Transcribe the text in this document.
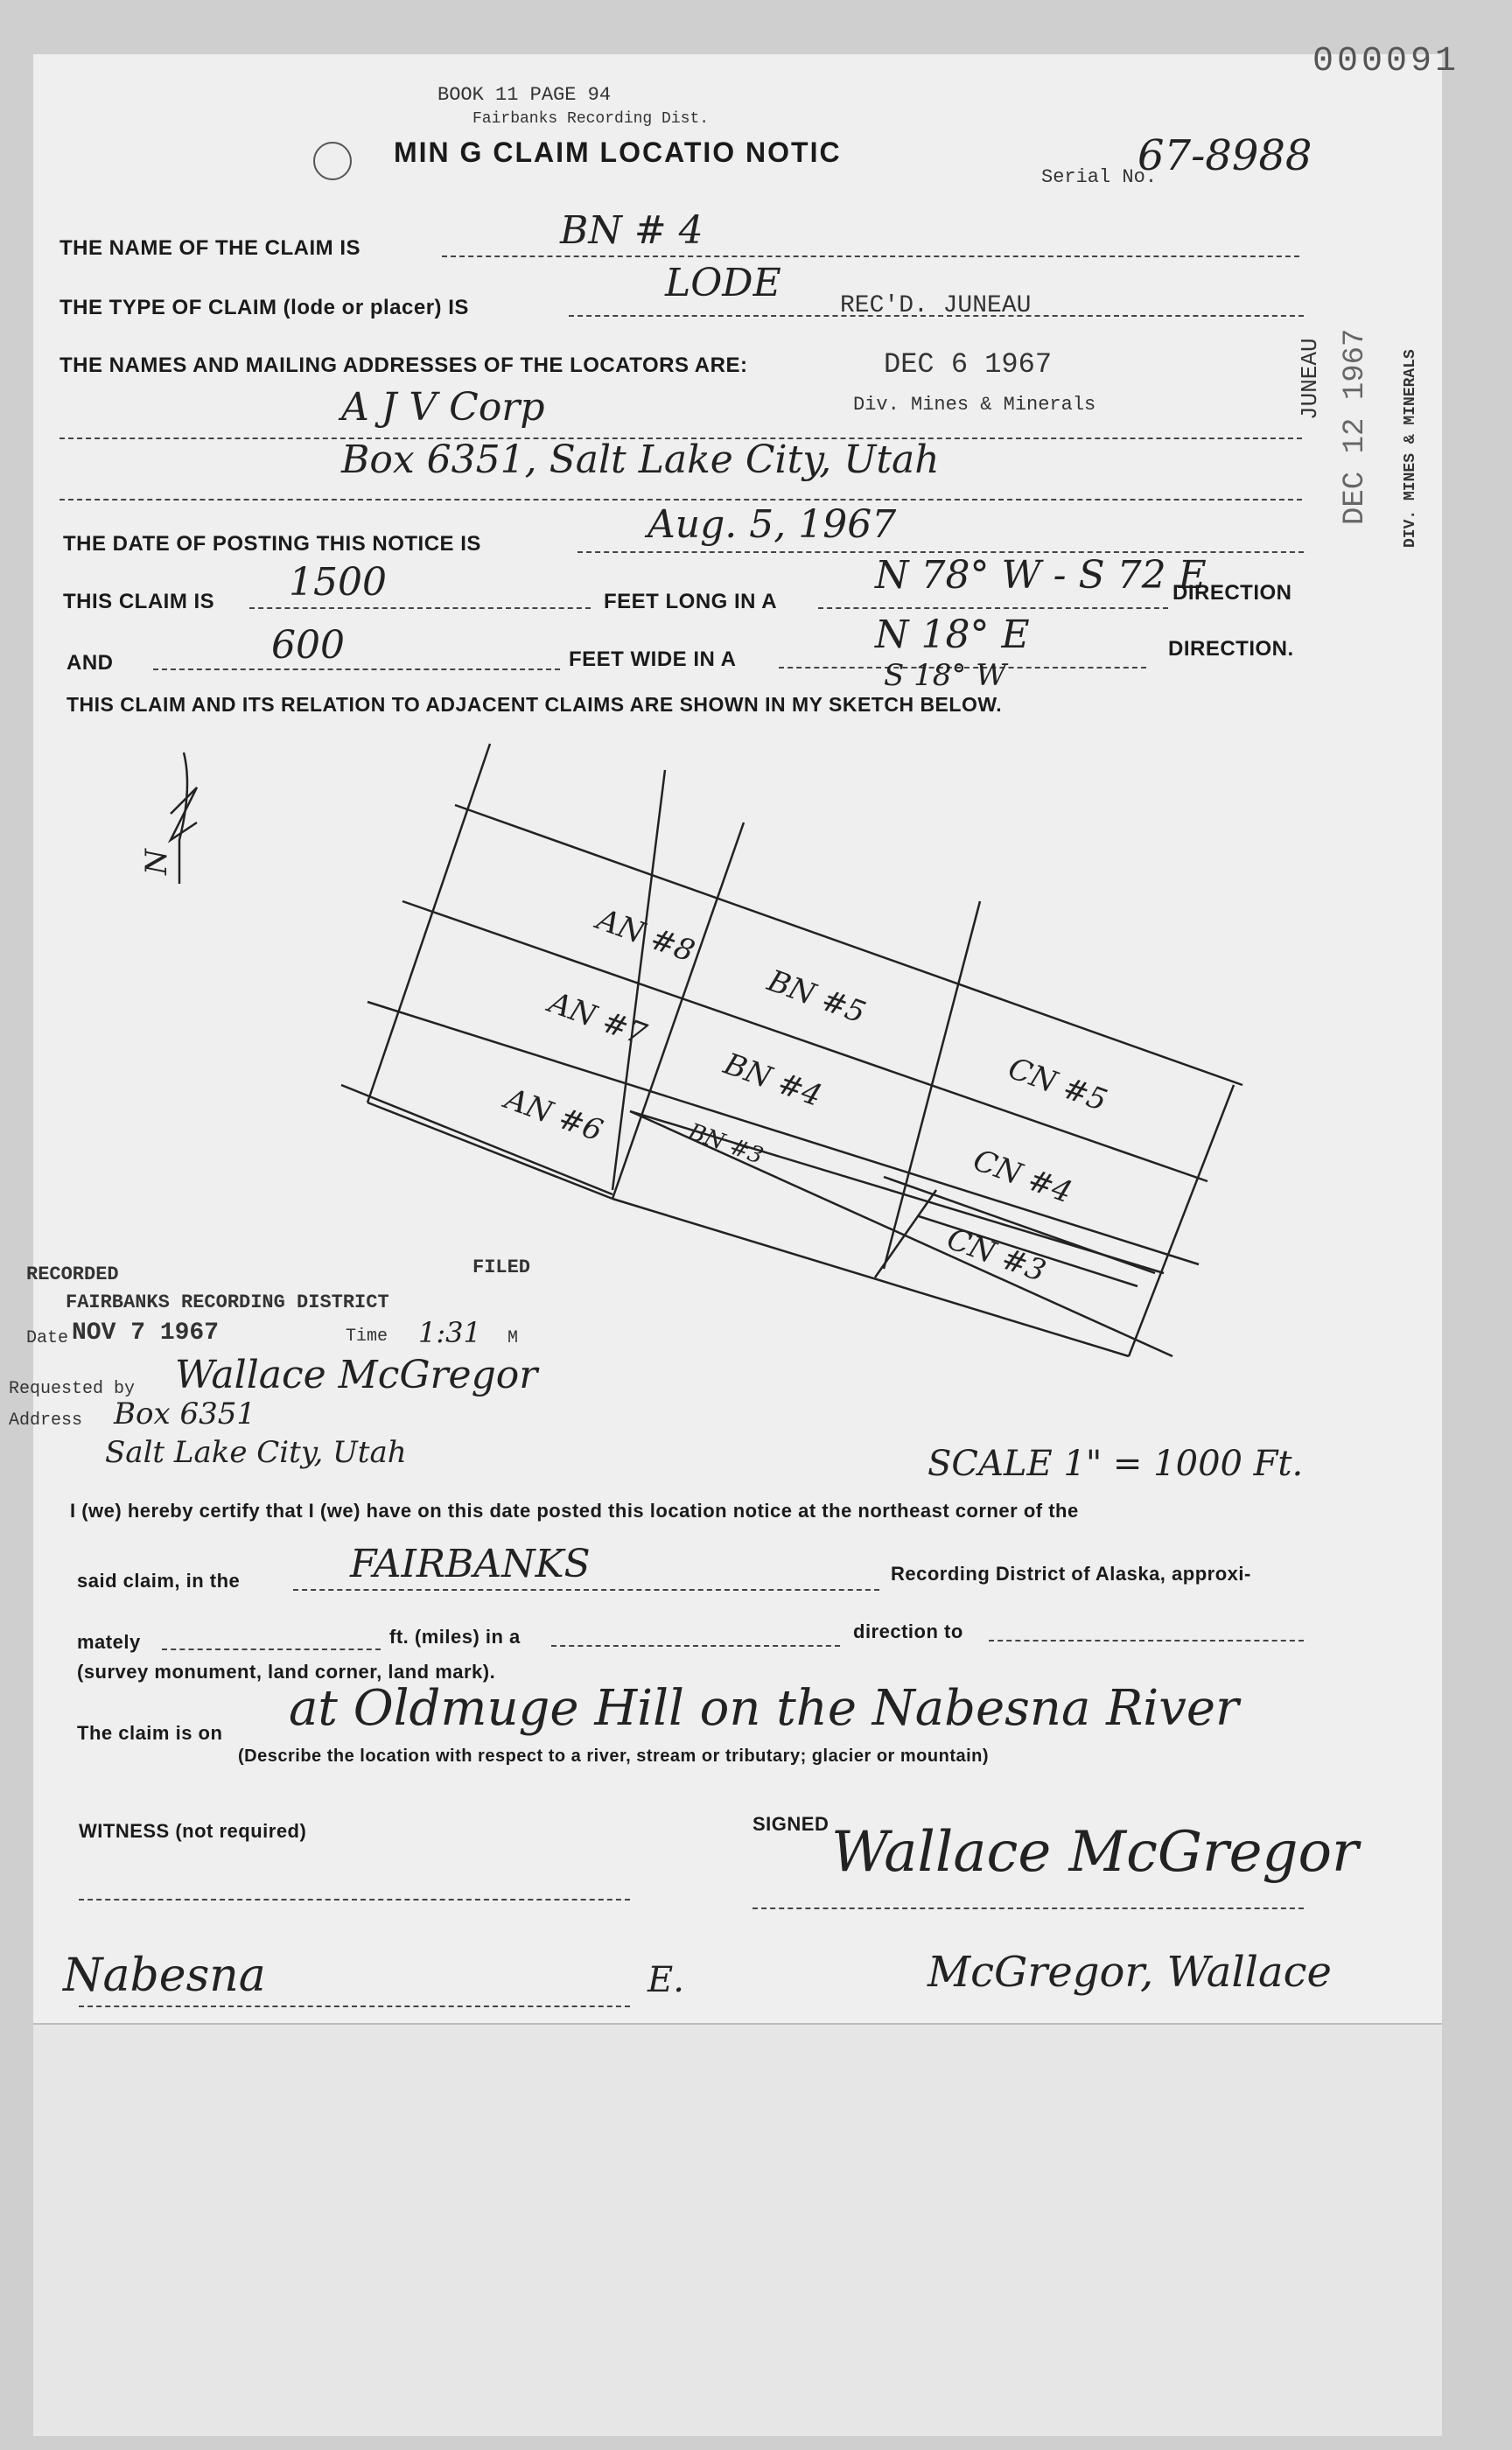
000091
BOOK 11 PAGE 94
Fairbanks Recording Dist.
MIN G CLAIM LOCATIO NOTIC
Serial No.
67-8988
THE NAME OF THE CLAIM IS	BN # 4
THE TYPE OF CLAIM (lode or placer) IS
LODE
REC'D. JUNEAU
THE NAMES AND MAILING ADDRESSES OF THE LOCATORS ARE:	DEC 6 1967
A J V Corp	Div. Mines & Minerals
Box 6351, Salt Lake City, Utah
THE DATE OF POSTING THIS NOTICE IS	Aug. 5, 1967
THIS CLAIM IS 1500	FEET LONG IN A
N 78° W - S 72 E
DIRECTION
AND	600	FEET WIDE IN A
N 18° E
S 18° W
DIRECTION.
THIS CLAIM AND ITS RELATION TO ADJACENT CLAIMS ARE SHOWN IN MY SKETCH BELOW.
JUNEAU DEC 12 1967 DIV. MINES & MINERALS
N
AN #8
BN #5
AN #7
BN #4	CN #5
AN #6	BN #3	CN #4
CN #3
RECORDED	FILED
FAIRBANKS RECORDING DISTRICT
Date NOV 7 1967	Time 1:31 M
Requested by Wallace McGregor
Address Box 6351
Salt Lake City, Utah	SCALE 1" = 1000 Ft.
I (we) hereby certify that I (we) have on this date posted this location notice at the northeast corner of the
said claim, in the	FAIRBANKS	Recording District of Alaska, approxi-
mately	ft. (miles) in a	direction to
(survey monument, land corner, land mark).
The claim is on at Oldmuge Hill on the Nabesna River
(Describe the location with respect to a river, stream or tributary; glacier or mountain)
WITNESS (not required)	SIGNED Wallace McGregor
Nabesna	E.	McGregor, Wallace
